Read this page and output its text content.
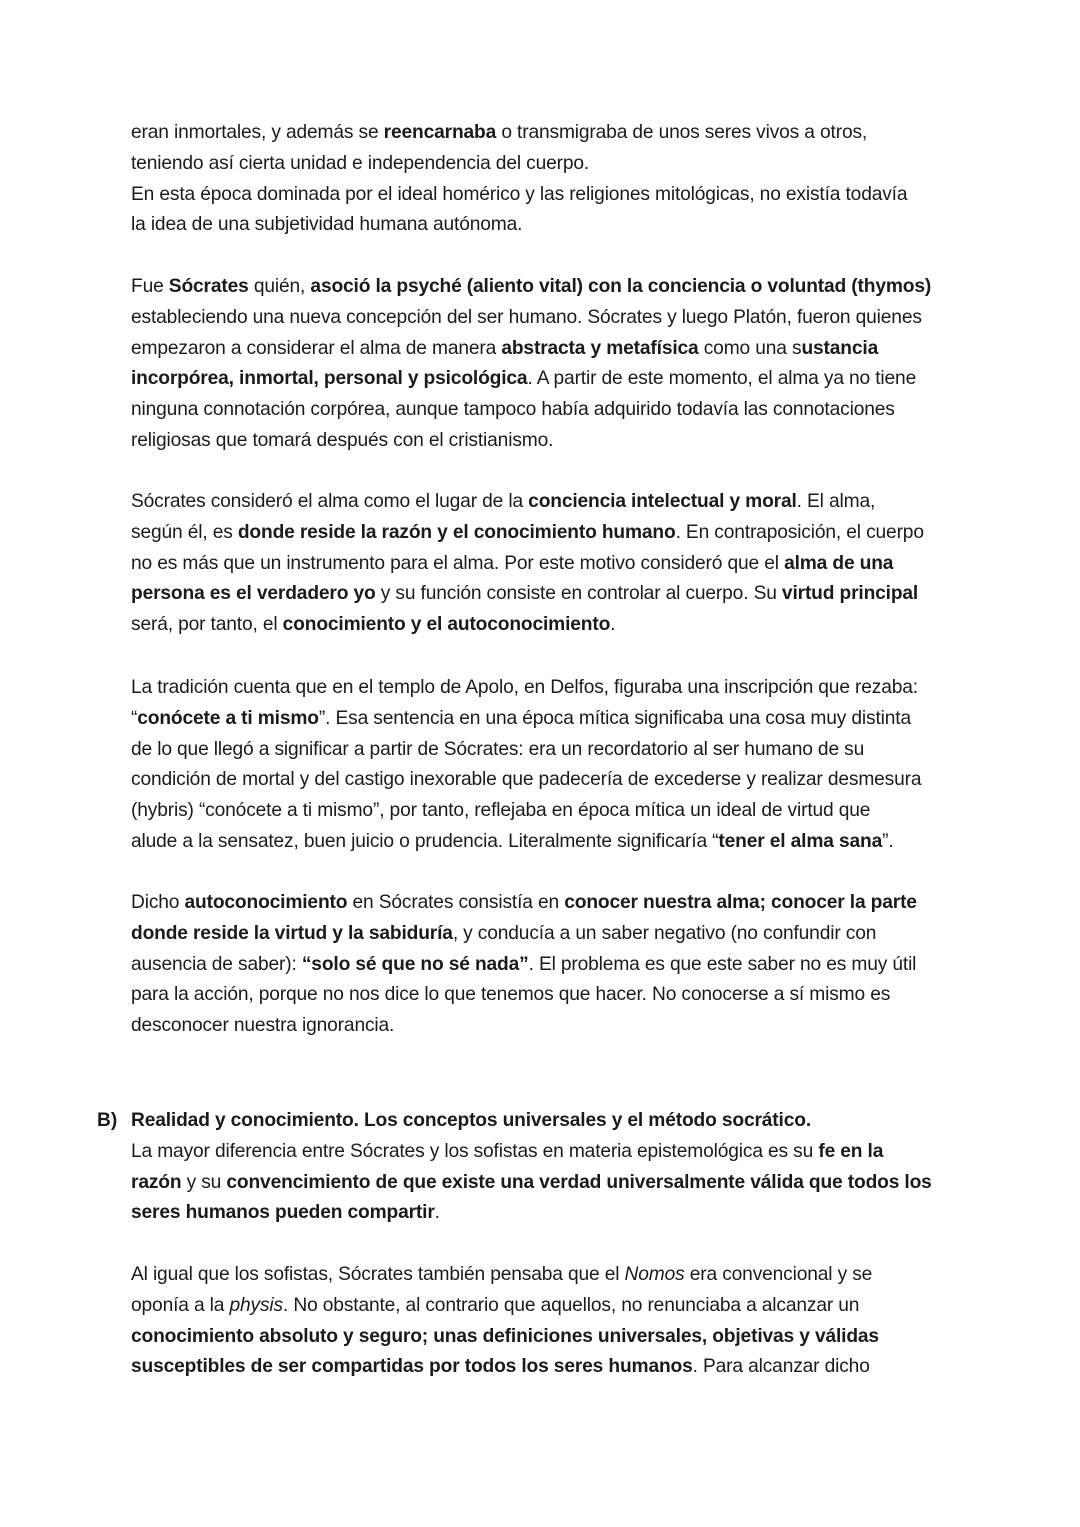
eran inmortales, y además se reencarnaba o transmigraba de unos seres vivos a otros,
teniendo así cierta unidad e independencia del cuerpo.
En esta época dominada por el ideal homérico y las religiones mitológicas, no existía todavía
la idea de una subjetividad humana autónoma.
Fue Sócrates quién, asoció la psyché (aliento vital) con la conciencia o voluntad (thymos)
estableciendo una nueva concepción del ser humano. Sócrates y luego Platón, fueron quienes
empezaron a considerar el alma de manera abstracta y metafísica como una sustancia
incorpórea, inmortal, personal y psicológica. A partir de este momento, el alma ya no tiene
ninguna connotación corpórea, aunque tampoco había adquirido todavía las connotaciones
religiosas que tomará después con el cristianismo.
Sócrates consideró el alma como el lugar de la conciencia intelectual y moral. El alma,
según él, es donde reside la razón y el conocimiento humano. En contraposición, el cuerpo
no es más que un instrumento para el alma. Por este motivo consideró que el alma de una
persona es el verdadero yo y su función consiste en controlar al cuerpo. Su virtud principal
será, por tanto, el conocimiento y el autoconocimiento.
La tradición cuenta que en el templo de Apolo, en Delfos, figuraba una inscripción que rezaba:
“conócete a ti mismo”. Esa sentencia en una época mítica significaba una cosa muy distinta
de lo que llegó a significar a partir de Sócrates: era un recordatorio al ser humano de su
condición de mortal y del castigo inexorable que padecería de excederse y realizar desmesura
(hybris) “conócete a ti mismo”, por tanto, reflejaba en época mítica un ideal de virtud que
alude a la sensatez, buen juicio o prudencia. Literalmente significaría “tener el alma sana”.
Dicho autoconocimiento en Sócrates consistía en conocer nuestra alma; conocer la parte
donde reside la virtud y la sabiduría, y conducía a un saber negativo (no confundir con
ausencia de saber): “solo sé que no sé nada”. El problema es que este saber no es muy útil
para la acción, porque no nos dice lo que tenemos que hacer. No conocerse a sí mismo es
desconocer nuestra ignorancia.
B) Realidad y conocimiento. Los conceptos universales y el método socrático.
La mayor diferencia entre Sócrates y los sofistas en materia epistemológica es su fe en la
razón y su convencimiento de que existe una verdad universalmente válida que todos los
seres humanos pueden compartir.
Al igual que los sofistas, Sócrates también pensaba que el Nomos era convencional y se
oponía a la physis. No obstante, al contrario que aquellos, no renunciaba a alcanzar un
conocimiento absoluto y seguro; unas definiciones universales, objetivas y válidas
susceptibles de ser compartidas por todos los seres humanos. Para alcanzar dicho
